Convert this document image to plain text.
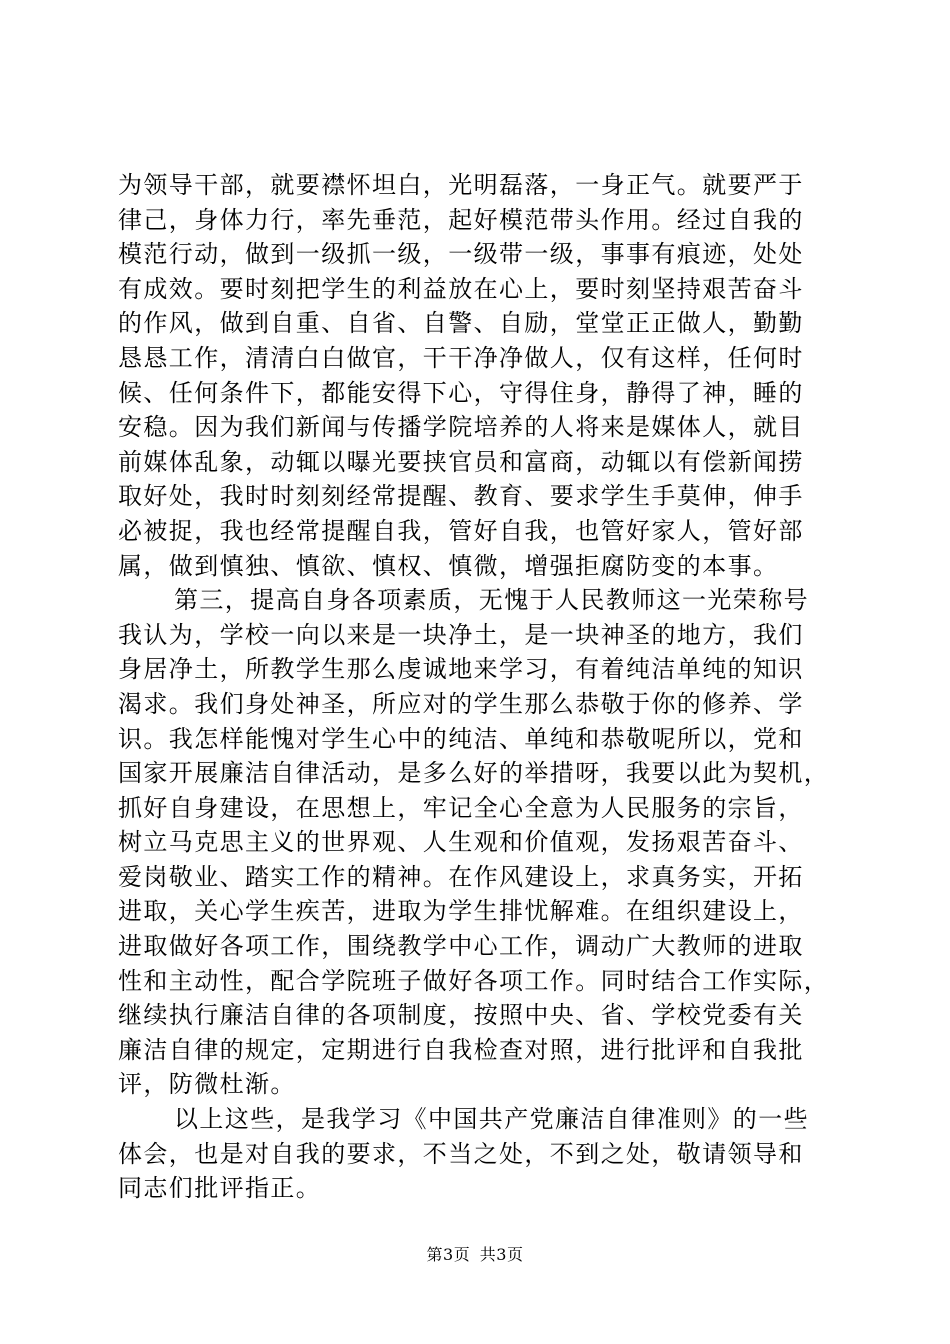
为领导干部，就要襟怀坦白，光明磊落，一身正气。就要严于
律己，身体力行，率先垂范，起好模范带头作用。经过自我的
模范行动，做到一级抓一级，一级带一级，事事有痕迹，处处
有成效。要时刻把学生的利益放在心上，要时刻坚持艰苦奋斗
的作风，做到自重、自省、自警、自励，堂堂正正做人，勤勤
恳恳工作，清清白白做官，干干净净做人，仅有这样，任何时
候、任何条件下，都能安得下心，守得住身，静得了神，睡的
安稳。因为我们新闻与传播学院培养的人将来是媒体人，就目
前媒体乱象，动辄以曝光要挟官员和富商，动辄以有偿新闻捞
取好处，我时时刻刻经常提醒、教育、要求学生手莫伸，伸手
必被捉，我也经常提醒自我，管好自我，也管好家人，管好部
属，做到慎独、慎欲、慎权、慎微，增强拒腐防变的本事。
第三，提高自身各项素质，无愧于人民教师这一光荣称号
我认为，学校一向以来是一块净土，是一块神圣的地方，我们
身居净土，所教学生那么虔诚地来学习，有着纯洁单纯的知识
渴求。我们身处神圣，所应对的学生那么恭敬于你的修养、学
识。我怎样能愧对学生心中的纯洁、单纯和恭敬呢所以，党和
国家开展廉洁自律活动，是多么好的举措呀，我要以此为契机，
抓好自身建设，在思想上，牢记全心全意为人民服务的宗旨，
树立马克思主义的世界观、人生观和价值观，发扬艰苦奋斗、
爱岗敬业、踏实工作的精神。在作风建设上，求真务实，开拓
进取，关心学生疾苦，进取为学生排忧解难。在组织建设上，
进取做好各项工作，围绕教学中心工作，调动广大教师的进取
性和主动性，配合学院班子做好各项工作。同时结合工作实际，
继续执行廉洁自律的各项制度，按照中央、省、学校党委有关
廉洁自律的规定，定期进行自我检查对照，进行批评和自我批
评，防微杜渐。
以上这些，是我学习《中国共产党廉洁自律准则》的一些
体会，也是对自我的要求，不当之处，不到之处，敬请领导和
同志们批评指正。
第3页 共3页
